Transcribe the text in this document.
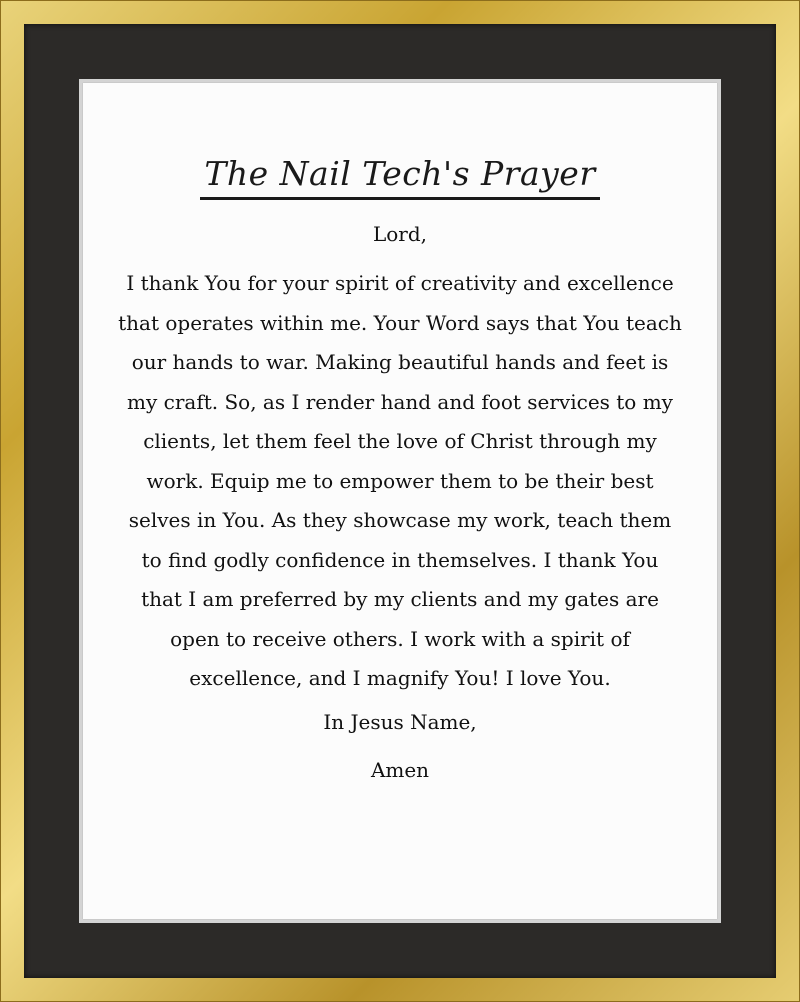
The Nail Tech's Prayer
Lord,
I thank You for your spirit of creativity and excellence
that operates within me. Your Word says that You teach
our hands to war. Making beautiful hands and feet is
my craft. So, as I render hand and foot services to my
clients, let them feel the love of Christ through my
work. Equip me to empower them to be their best
selves in You. As they showcase my work, teach them
to find godly confidence in themselves. I thank You
that I am preferred by my clients and my gates are
open to receive others. I work with a spirit of
excellence, and I magnify You! I love You.
In Jesus Name,
Amen
